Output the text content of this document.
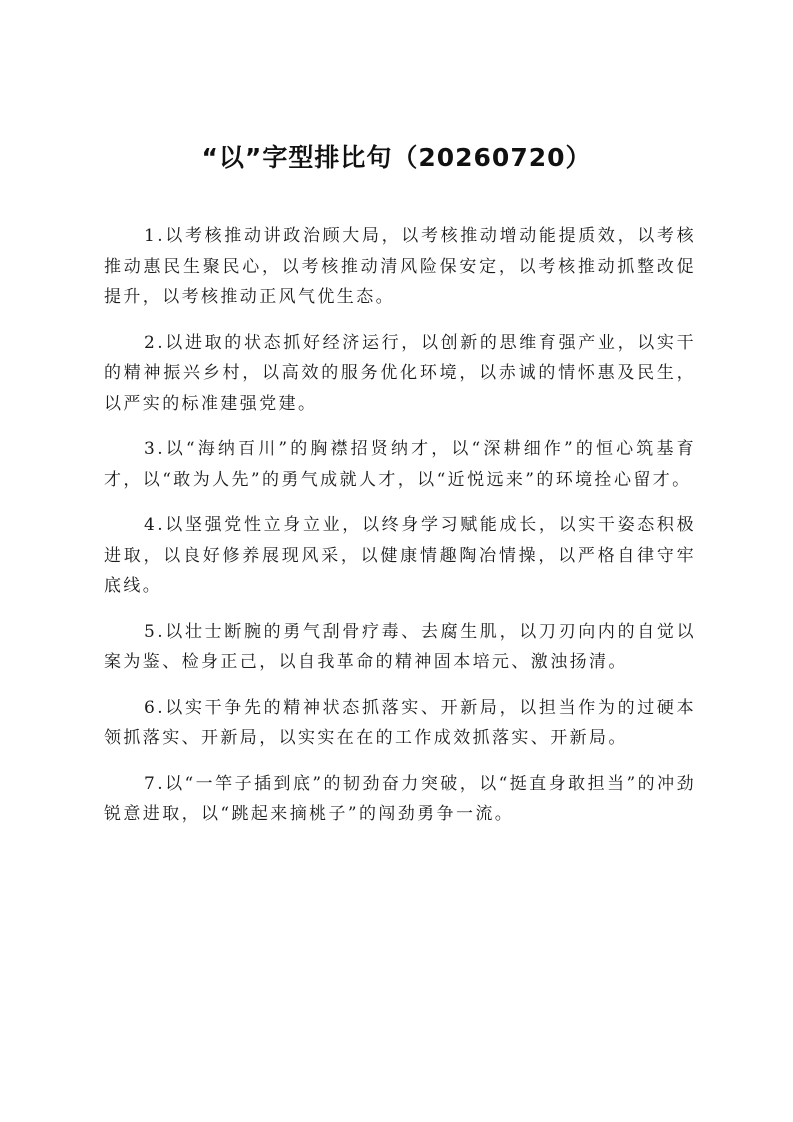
“以”字型排比句（20260720）

1.以考核推动讲政治顾大局，以考核推动增动能提质效，以考核推动惠民生聚民心，以考核推动清风险保安定，以考核推动抓整改促提升，以考核推动正风气优生态。

2.以进取的状态抓好经济运行，以创新的思维育强产业，以实干的精神振兴乡村，以高效的服务优化环境，以赤诚的情怀惠及民生，以严实的标准建强党建。

3.以“海纳百川”的胸襟招贤纳才，以“深耕细作”的恒心筑基育才，以“敢为人先”的勇气成就人才，以“近悦远来”的环境拴心留才。

4.以坚强党性立身立业，以终身学习赋能成长，以实干姿态积极进取，以良好修养展现风采，以健康情趣陶冶情操，以严格自律守牢底线。

5.以壮士断腕的勇气刮骨疗毒、去腐生肌，以刀刃向内的自觉以案为鉴、检身正己，以自我革命的精神固本培元、激浊扬清。

6.以实干争先的精神状态抓落实、开新局，以担当作为的过硬本领抓落实、开新局，以实实在在的工作成效抓落实、开新局。

7.以“一竿子插到底”的韧劲奋力突破，以“挺直身敢担当”的冲劲锐意进取，以“跳起来摘桃子”的闯劲勇争一流。
